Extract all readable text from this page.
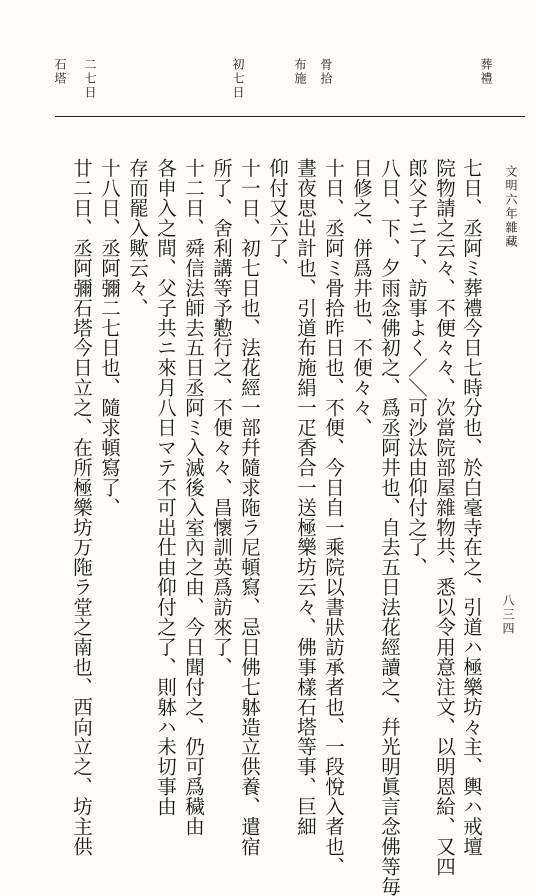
葬禮
骨拾
布施
初七日
二七日
石塔
文明六年雜藏
八三四
七日、丞阿ミ葬禮今日七時分也、於白毫寺在之、引道ハ極樂坊々主、輿ハ戒壇
院物請之云々、不便々々、次當院部屋雜物共、悉以令用意注文、以明恩給、又四
郎父子ニ了、訪事よく／＼可沙汰由仰付之了、
八日、下、夕雨念佛初之、爲丞阿井也、自去五日法花經讀之、幷光明眞言念佛等毎
日修之、併爲井也、不便々々、
十日、丞阿ミ骨拾昨日也、不便、今日自一乘院以書狀訪承者也、一段悅入者也、
晝夜思出計也、引道布施絹一疋香合一送極樂坊云々、佛事樣石塔等事、巨細
仰付又六了、
十一日、初七日也、法花經一部幷隨求陁ラ尼頓寫、忌日佛七躰造立供養、遣宿
所了、舍利講等予懃行之、不便々々、昌懷訓英爲訪來了、
十二日、舜信法師去五日丞阿ミ入滅後入室內之由、今日聞付之、仍可爲穢由
各申入之間、父子共ニ來月八日マテ不可出仕由仰付之了、則躰ハ未切事由
存而罷入歟云々、
十八日、丞阿彌二七日也、隨求頓寫了、
廿二日、丞阿彌石塔今日立之、在所極樂坊万陁ラ堂之南也、西向立之、坊主供
